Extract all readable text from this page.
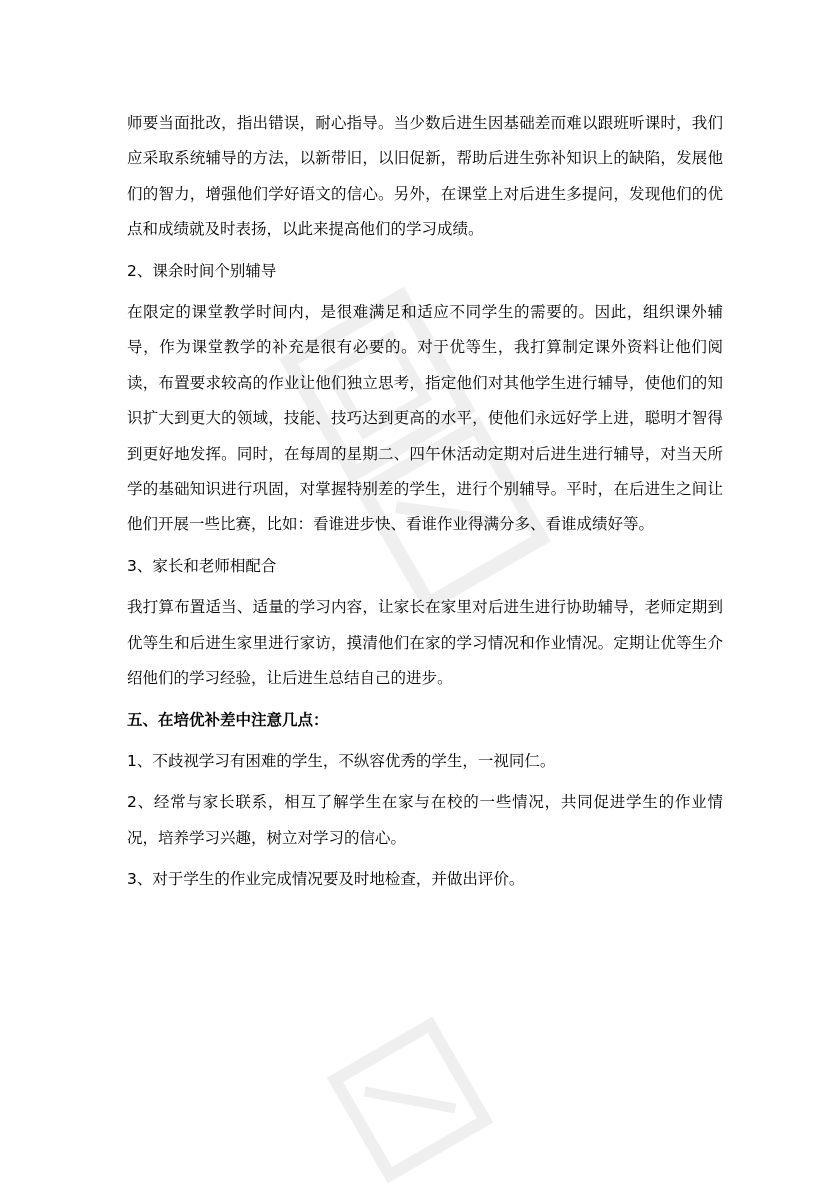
师要当面批改，指出错误，耐心指导。当少数后进生因基础差而难以跟班听课时，我们应采取系统辅导的方法，以新带旧，以旧促新，帮助后进生弥补知识上的缺陷，发展他们的智力，增强他们学好语文的信心。另外，在课堂上对后进生多提问，发现他们的优点和成绩就及时表扬，以此来提高他们的学习成绩。

2、课余时间个别辅导

在限定的课堂教学时间内，是很难满足和适应不同学生的需要的。因此，组织课外辅导，作为课堂教学的补充是很有必要的。对于优等生，我打算制定课外资料让他们阅读，布置要求较高的作业让他们独立思考，指定他们对其他学生进行辅导，使他们的知识扩大到更大的领域，技能、技巧达到更高的水平，使他们永远好学上进，聪明才智得到更好地发挥。同时，在每周的星期二、四午休活动定期对后进生进行辅导，对当天所学的基础知识进行巩固，对掌握特别差的学生，进行个别辅导。平时，在后进生之间让他们开展一些比赛，比如：看谁进步快、看谁作业得满分多、看谁成绩好等。

3、家长和老师相配合

我打算布置适当、适量的学习内容，让家长在家里对后进生进行协助辅导，老师定期到优等生和后进生家里进行家访，摸清他们在家的学习情况和作业情况。定期让优等生介绍他们的学习经验，让后进生总结自己的进步。

五、在培优补差中注意几点：

1、不歧视学习有困难的学生，不纵容优秀的学生，一视同仁。

2、经常与家长联系，相互了解学生在家与在校的一些情况，共同促进学生的作业情况，培养学习兴趣，树立对学习的信心。

3、对于学生的作业完成情况要及时地检查，并做出评价。
